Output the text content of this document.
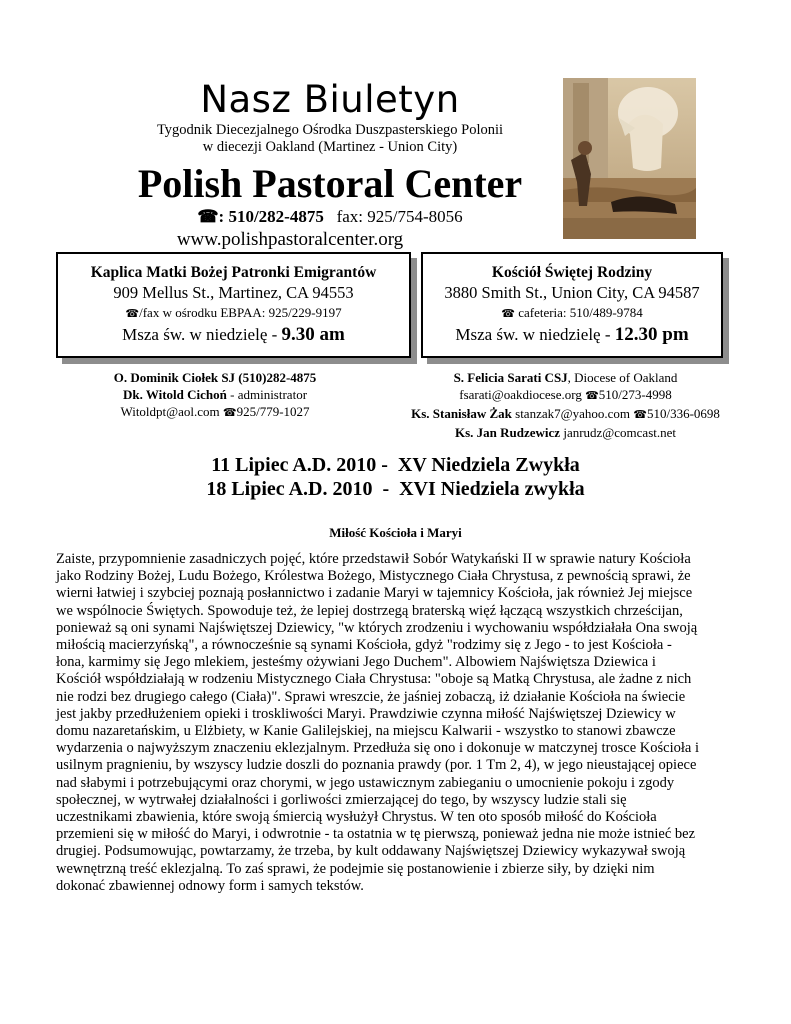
Nasz Biuletyn
Tygodnik Diecezjalnego Ośrodka Duszpasterskiego Polonii
w diecezji Oakland (Martinez - Union City)
Polish Pastoral Center
☎: 510/282-4875 fax: 925/754-8056
www.polishpastoralcenter.org
Kaplica Matki Bożej Patronki Emigrantów
909 Mellus St., Martinez, CA 94553
☎/fax w ośrodku EBPAA: 925/229-9197
Msza św. w niedzielę - 9.30 am
Kościół Świętej Rodziny
3880 Smith St., Union City, CA 94587
☎ cafeteria: 510/489-9784
Msza św. w niedzielę - 12.30 pm
O. Dominik Ciołek SJ (510)282-4875
Dk. Witold Cichoń - administrator
Witoldpt@aol.com ☎925/779-1027
S. Felicia Sarati CSJ, Diocese of Oakland
fsarati@oakdiocese.org ☎510/273-4998
Ks. Stanisław Żak stanzak7@yahoo.com ☎510/336-0698
Ks. Jan Rudzewicz janrudz@comcast.net
11 Lipiec A.D. 2010 -  XV Niedziela Zwykła
18 Lipiec A.D. 2010  -  XVI Niedziela zwykła
Miłość Kościoła i Maryi
Zaiste, przypomnienie zasadniczych pojęć, które przedstawił Sobór Watykański II w sprawie natury Kościoła
jako Rodziny Bożej, Ludu Bożego, Królestwa Bożego, Mistycznego Ciała Chrystusa, z pewnością sprawi, że
wierni łatwiej i szybciej poznają posłannictwo i zadanie Maryi w tajemnicy Kościoła, jak również Jej miejsce
we wspólnocie Świętych. Spowoduje też, że lepiej dostrzegą braterską więź łączącą wszystkich chrześcijan,
ponieważ są oni synami Najświętszej Dziewicy, "w których zrodzeniu i wychowaniu współdziałała Ona swoją
miłością macierzyńską", a równocześnie są synami Kościoła, gdyż "rodzimy się z Jego - to jest Kościoła -
łona, karmimy się Jego mlekiem, jesteśmy ożywiani Jego Duchem". Albowiem Najświętsza Dziewica i
Kościół współdziałają w rodzeniu Mistycznego Ciała Chrystusa: "oboje są Matką Chrystusa, ale żadne z nich
nie rodzi bez drugiego całego (Ciała)". Sprawi wreszcie, że jaśniej zobaczą, iż działanie Kościoła na świecie
jest jakby przedłużeniem opieki i troskliwości Maryi. Prawdziwie czynna miłość Najświętszej Dziewicy w
domu nazaretańskim, u Elżbiety, w Kanie Galilejskiej, na miejscu Kalwarii - wszystko to stanowi zbawcze
wydarzenia o najwyższym znaczeniu eklezjalnym. Przedłuża się ono i dokonuje w matczynej trosce Kościoła i
usilnym pragnieniu, by wszyscy ludzie doszli do poznania prawdy (por. 1 Tm 2, 4), w jego nieustającej opiece
nad słabymi i potrzebującymi oraz chorymi, w jego ustawicznym zabieganiu o umocnienie pokoju i zgody
społecznej, w wytrwałej działalności i gorliwości zmierzającej do tego, by wszyscy ludzie stali się
uczestnikami zbawienia, które swoją śmiercią wysłużył Chrystus. W ten oto sposób miłość do Kościoła
przemieni się w miłość do Maryi, i odwrotnie - ta ostatnia w tę pierwszą, ponieważ jedna nie może istnieć bez
drugiej. Podsumowując, powtarzamy, że trzeba, by kult oddawany Najświętszej Dziewicy wykazywał swoją
wewnętrzną treść eklezjalną. To zaś sprawi, że podejmie się postanowienie i zbierze siły, by dzięki nim
dokonać zbawiennej odnowy form i samych tekstów.
